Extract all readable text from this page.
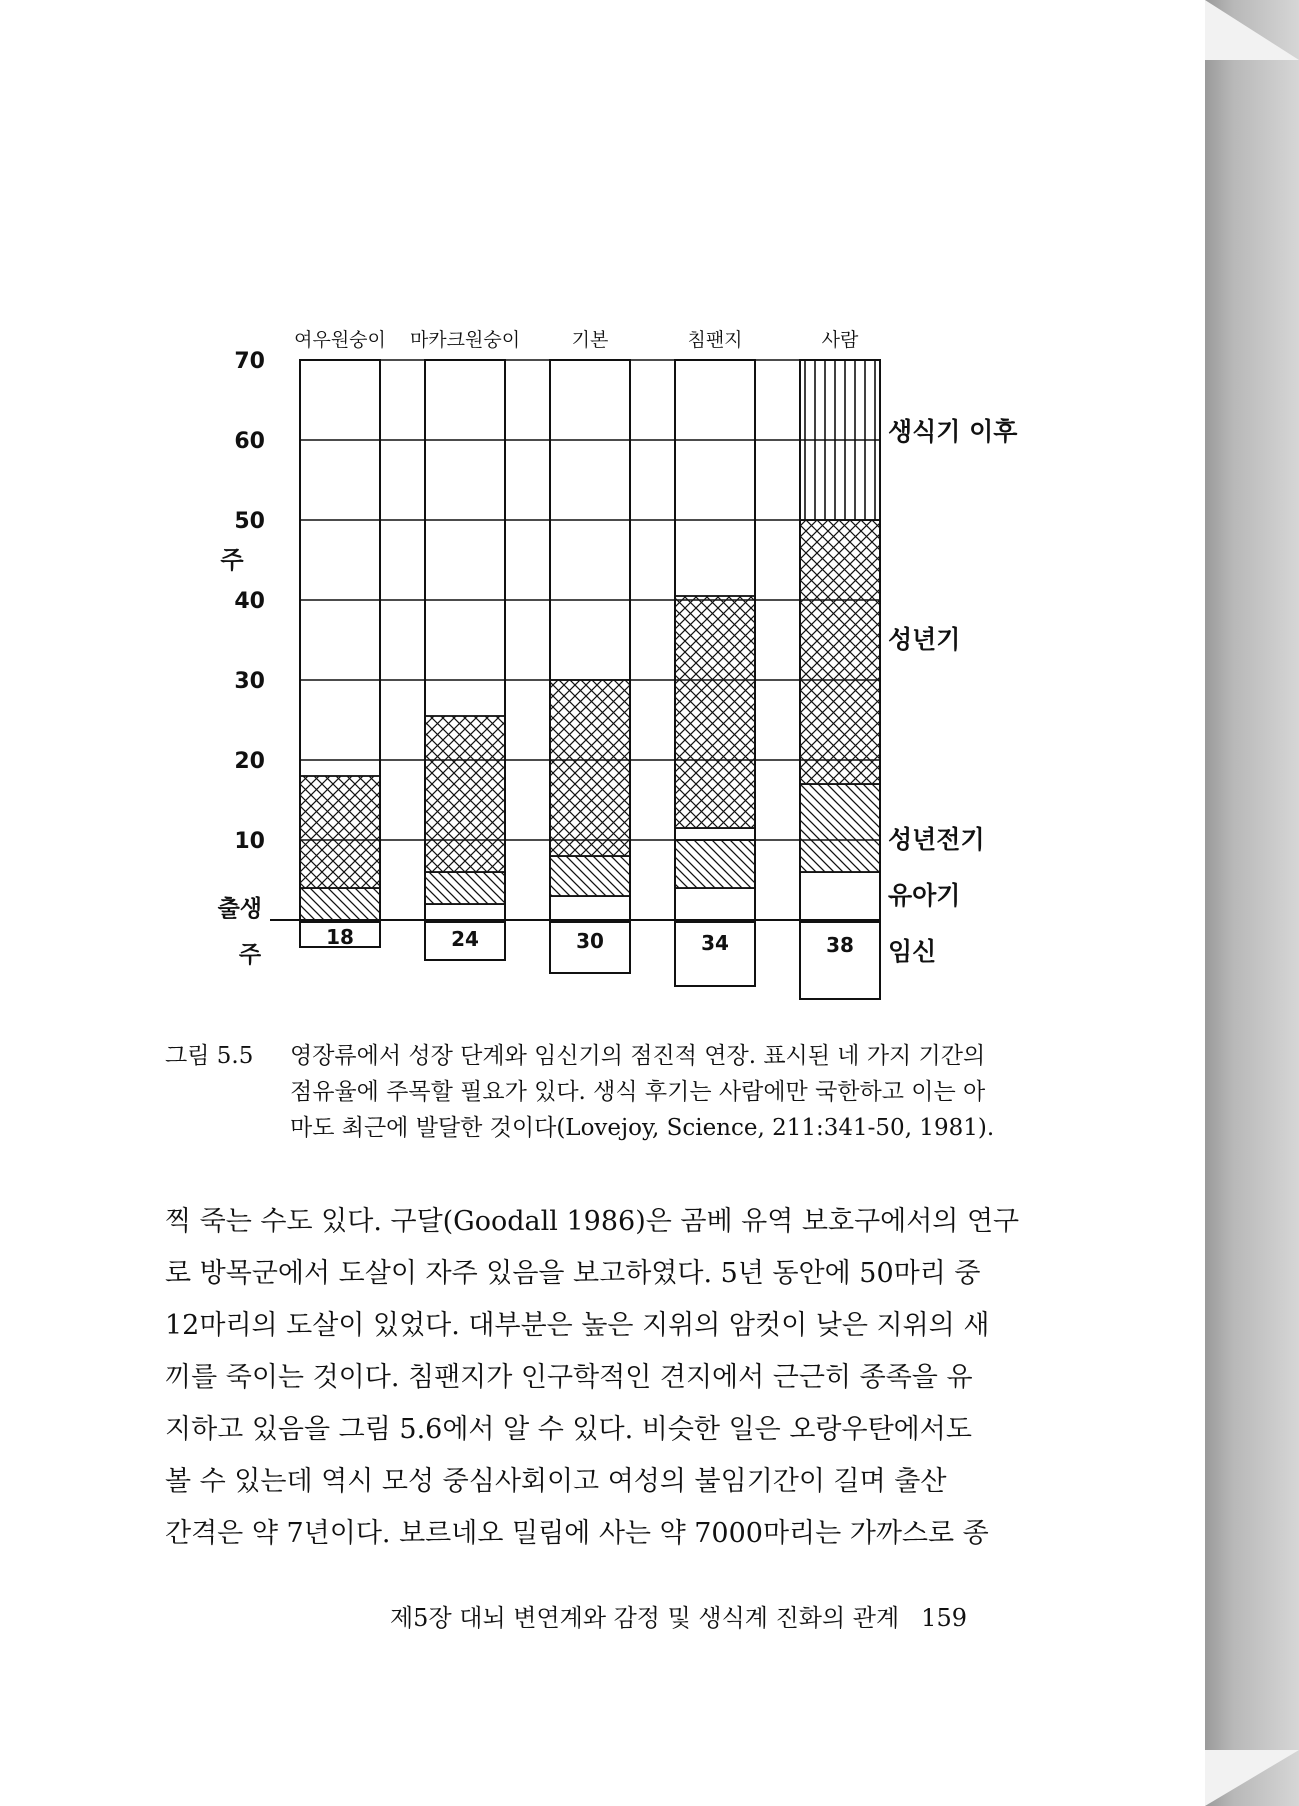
10
20
30
40
50
60
70
여우원숭이
18
마카크원숭이
24
기본
30
침팬지
34
사람
38
주
출생
주
생식기 이후
성년기
성년전기
유아기
임신
그림 5.5	영장류에서 성장 단계와 임신기의 점진적 연장. 표시된 네 가지 기간의
점유율에 주목할 필요가 있다. 생식 후기는 사람에만 국한하고 이는 아
마도 최근에 발달한 것이다(Lovejoy, Science, 211:341-50, 1981).
찍 죽는 수도 있다. 구달(Goodall 1986)은 곰베 유역 보호구에서의 연구
로 방목군에서 도살이 자주 있음을 보고하였다. 5년 동안에 50마리 중
12마리의 도살이 있었다. 대부분은 높은 지위의 암컷이 낮은 지위의 새
끼를 죽이는 것이다. 침팬지가 인구학적인 견지에서 근근히 종족을 유
지하고 있음을 그림 5.6에서 알 수 있다. 비슷한 일은 오랑우탄에서도
볼 수 있는데 역시 모성 중심사회이고 여성의 불임기간이 길며 출산
간격은 약 7년이다. 보르네오 밀림에 사는 약 7000마리는 가까스로 종
제5장 대뇌 변연계와 감정 및 생식계 진화의 관계 159
